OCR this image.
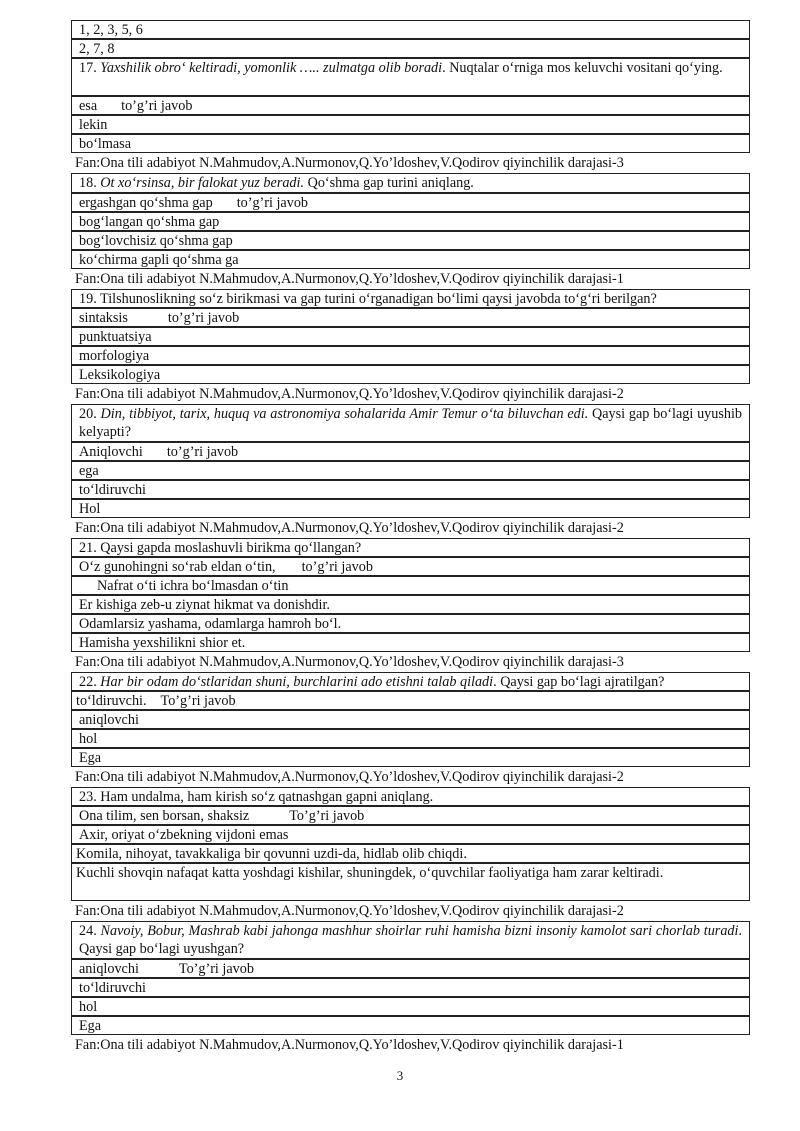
1, 2, 3, 5, 6
2, 7, 8
17. Yaxshilik obro‘ keltiradi, yomonlik ….. zulmatga olib boradi. Nuqtalar o‘rniga mos keluvchi vositani qo‘ying.
esa to’g’ri javob
lekin
bo‘lmasa
Fan:Ona tili adabiyot N.Mahmudov,A.Nurmonov,Q.Yo’ldoshev,V.Qodirov qiyinchilik darajasi-3
18. Ot xo‘rsinsa, bir falokat yuz beradi. Qo‘shma gap turini aniqlang.
ergashgan qo‘shma gap to’g’ri javob
bog‘langan qo‘shma gap
bog‘lovchisiz qo‘shma gap
ko‘chirma gapli qo‘shma ga
Fan:Ona tili adabiyot N.Mahmudov,A.Nurmonov,Q.Yo’ldoshev,V.Qodirov qiyinchilik darajasi-1
19. Tilshunoslikning so‘z birikmasi va gap turini o‘rganadigan bo‘limi qaysi javobda to‘g‘ri berilgan?
sintaksis	to’g’ri javob
punktuatsiya
morfologiya
Leksikologiya
Fan:Ona tili adabiyot N.Mahmudov,A.Nurmonov,Q.Yo’ldoshev,V.Qodirov qiyinchilik darajasi-2
20. Din, tibbiyot, tarix, huquq va astronomiya sohalarida Amir Temur o‘ta biluvchan edi. Qaysi gap bo‘lagi uyushib kelyapti?
Aniqlovchi to’g’ri javob
ega
to‘ldiruvchi
Hol
Fan:Ona tili adabiyot N.Mahmudov,A.Nurmonov,Q.Yo’ldoshev,V.Qodirov qiyinchilik darajasi-2
21. Qaysi gapda moslashuvli birikma qo‘llangan?
O‘z gunohingni so‘rab eldan o‘tin, to’g’ri javob
Nafrat o‘ti ichra bo‘lmasdan o‘tin
Er kishiga zeb-u ziynat hikmat va donishdir.
Odamlarsiz yashama, odamlarga hamroh bo‘l.
Hamisha yexshilikni shior et.
Fan:Ona tili adabiyot N.Mahmudov,A.Nurmonov,Q.Yo’ldoshev,V.Qodirov qiyinchilik darajasi-3
22. Har bir odam do‘stlaridan shuni, burchlarini ado etishni talab qiladi. Qaysi gap bo‘lagi ajratilgan?
to‘ldiruvchi. To’g’ri javob
aniqlovchi
hol
Ega
Fan:Ona tili adabiyot N.Mahmudov,A.Nurmonov,Q.Yo’ldoshev,V.Qodirov qiyinchilik darajasi-2
23. Ham undalma, ham kirish so‘z qatnashgan gapni aniqlang.
Ona tilim, sen borsan, shaksiz	To’g’ri javob
Axir, oriyat o‘zbekning vijdoni emas
Komila, nihoyat, tavakkaliga bir qovunni uzdi-da, hidlab olib chiqdi.
Kuchli shovqin nafaqat katta yoshdagi kishilar, shuningdek, o‘quvchilar faoliyatiga ham zarar keltiradi.
Fan:Ona tili adabiyot N.Mahmudov,A.Nurmonov,Q.Yo’ldoshev,V.Qodirov qiyinchilik darajasi-2
24. Navoiy, Bobur, Mashrab kabi jahonga mashhur shoirlar ruhi hamisha bizni insoniy kamolot sari chorlab turadi. Qaysi gap bo‘lagi uyushgan?
aniqlovchi	To’g’ri javob
to‘ldiruvchi
hol
Ega
Fan:Ona tili adabiyot N.Mahmudov,A.Nurmonov,Q.Yo’ldoshev,V.Qodirov qiyinchilik darajasi-1
3
